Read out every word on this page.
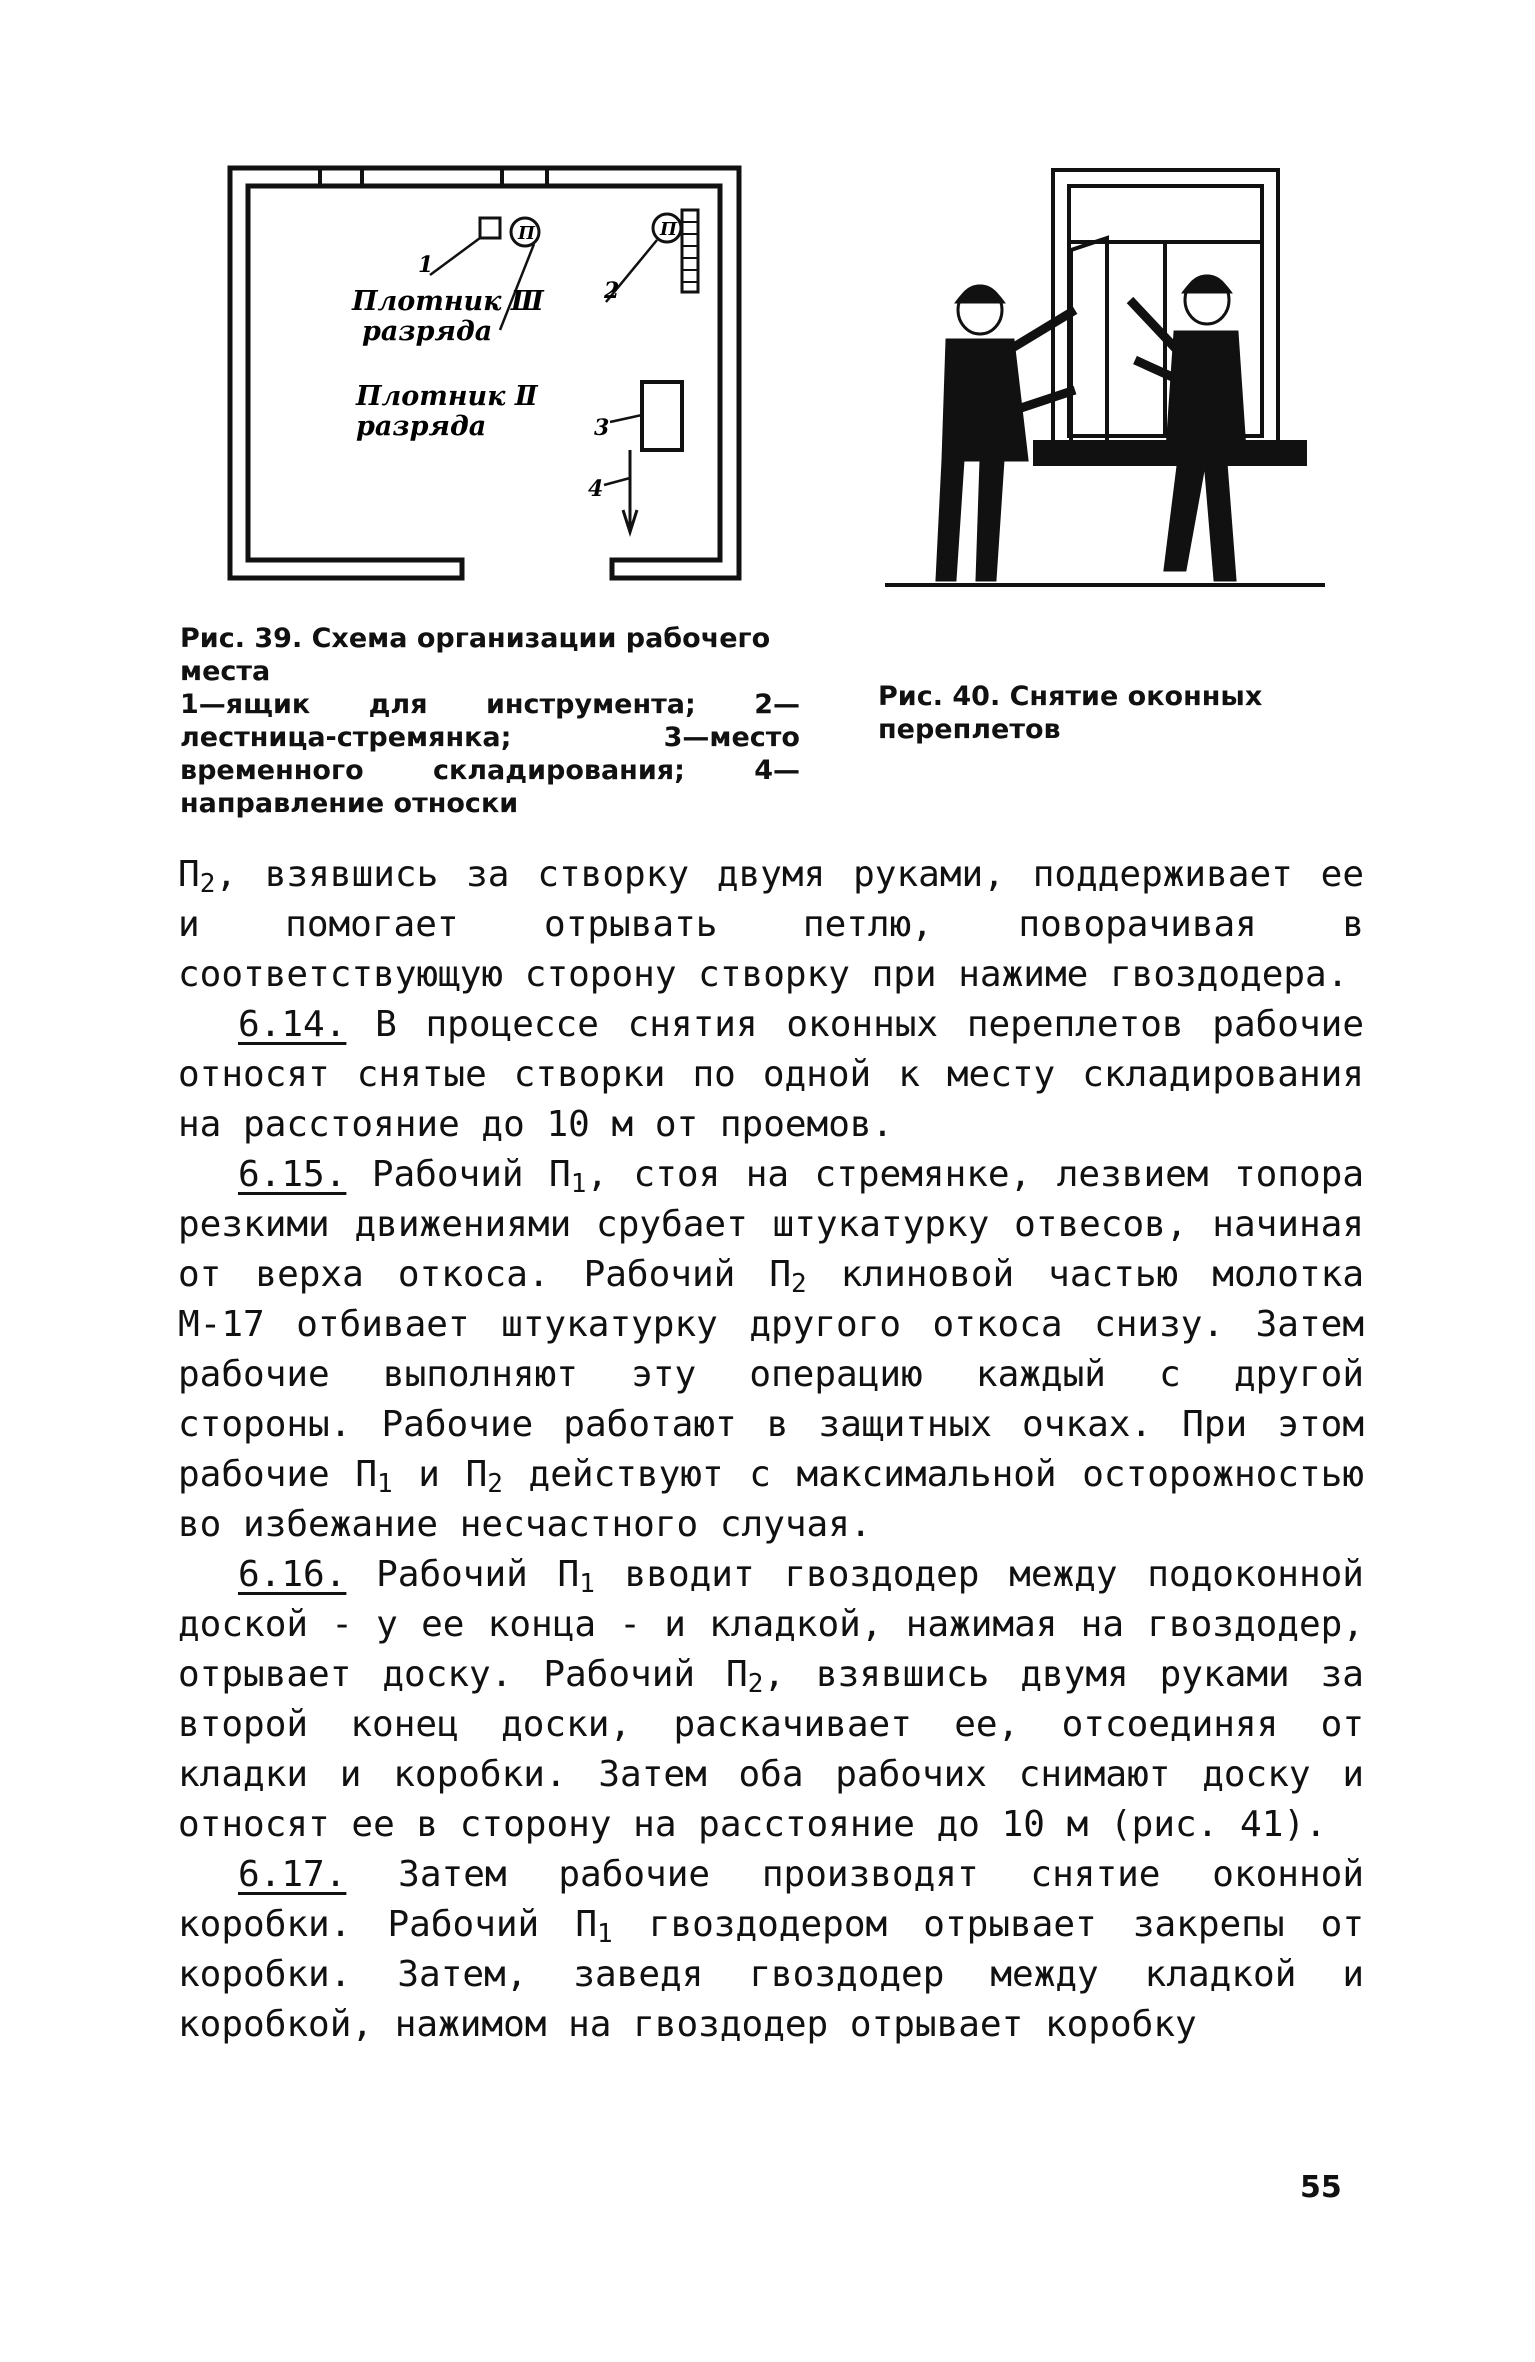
П	П
1
2
3
4
Плотник Ⅲ
разряда
Плотник Ⅱ
разряда
Рис. 39. Схема организации рабочего места
1—ящик для инструмента; 2—лестница-стремянка; 3—место временного складирования; 4—направление относки
Рис. 40. Снятие оконных переплетов

$П_2$, взявшись за створку двумя руками, поддерживает ее и помогает отрывать петлю, поворачивая в соответствующую сторону створку при нажиме гвоздодера.

6.14. В процессе снятия оконных переплетов рабочие относят снятые створки по одной к месту складирования на расстояние до 10 м от проемов.

6.15. Рабочий $П_1$, стоя на стремянке, лезвием топора резкими движениями срубает штукатурку отвесов, начиная от верха откоса. Рабочий $П_2$ клиновой частью молотка М-17 отбивает штукатурку другого откоса снизу. Затем рабочие выполняют эту операцию каждый с другой стороны. Рабочие работают в защитных очках. При этом рабочие $П_1$ и $П_2$ действуют с максимальной осторожностью во избежание несчастного случая.

6.16. Рабочий $П_1$ вводит гвоздодер между подоконной доской - у ее конца - и кладкой, нажимая на гвоздодер, отрывает доску. Рабочий $П_2$, взявшись двумя руками за второй конец доски, раскачивает ее, отсоединяя от кладки и коробки. Затем оба рабочих снимают доску и относят ее в сторону на расстояние до 10 м (рис. 41).

6.17. Затем рабочие производят снятие оконной коробки. Рабочий $П_1$ гвоздодером отрывает закрепы от коробки. Затем, заведя гвоздодер между кладкой и коробкой, нажимом на гвоздодер отрывает коробку

55
